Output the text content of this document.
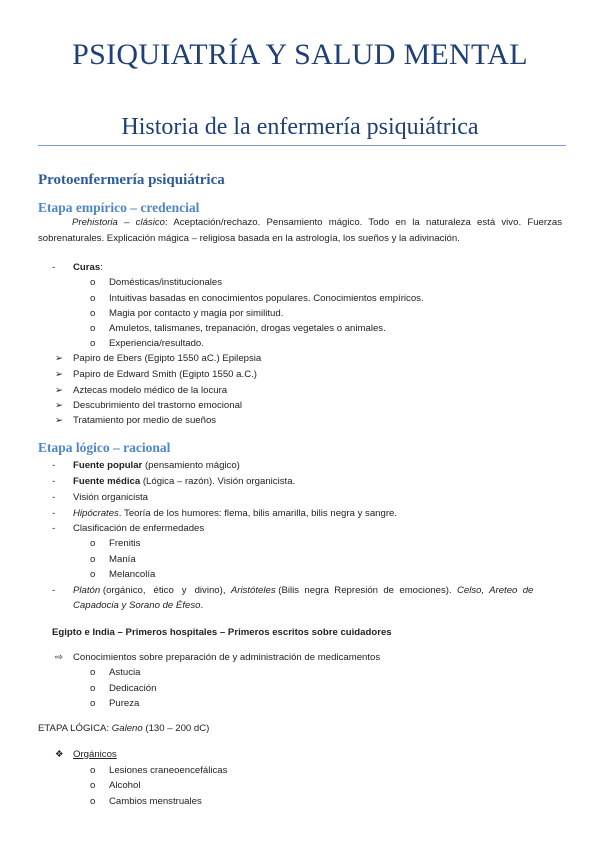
PSIQUIATRÍA Y SALUD MENTAL
Historia de la enfermería psiquiátrica
Protoenfermería psiquiátrica
Etapa empírico – credencial
Prehistoria – clásico: Aceptación/rechazo. Pensamiento mágico. Todo en la naturaleza está vivo. Fuerzas sobrenaturales. Explicación mágica – religiosa basada en la astrología, los sueños y la adivinación.
- Curas:
o Domésticas/institucionales
o Intuitivas basadas en conocimientos populares. Conocimientos empíricos.
o Magia por contacto y magia por similitud.
o Amuletos, talismanes, trepanación, drogas vegetales o animales.
o Experiencia/resultado.
➢ Papiro de Ebers (Egipto 1550 aC.) Epilepsia
➢ Papiro de Edward Smith (Egipto 1550 a.C.)
➢ Aztecas modelo médico de la locura
➢ Descubrimiento del trastorno emocional
➢ Tratamiento por medio de sueños
Etapa lógico – racional
- Fuente popular (pensamiento mágico)
- Fuente médica (Lógica – razón). Visión organicista.
- Visión organicista
- Hipócrates. Teoría de los humores: flema, bilis amarilla, bilis negra y sangre.
- Clasificación de enfermedades
o Frenitis
o Manía
o Melancolía
- Platón (orgánico,   ético   y   divino),  Aristóteles (Bilis  negra  Represión  de  emociones).  Celso,  Areteo  de
Capadocia y Sorano de Éfeso.
Egipto e India – Primeros hospitales – Primeros escritos sobre cuidadores
⇨ Conocimientos sobre preparación de y administración de medicamentos
o Astucia
o Dedicación
o Pureza
ETAPA LÓGICA: Galeno (130 – 200 dC)
❖ Orgánicos
o Lesiones craneoencefálicas
o Alcohol
o Cambios menstruales
